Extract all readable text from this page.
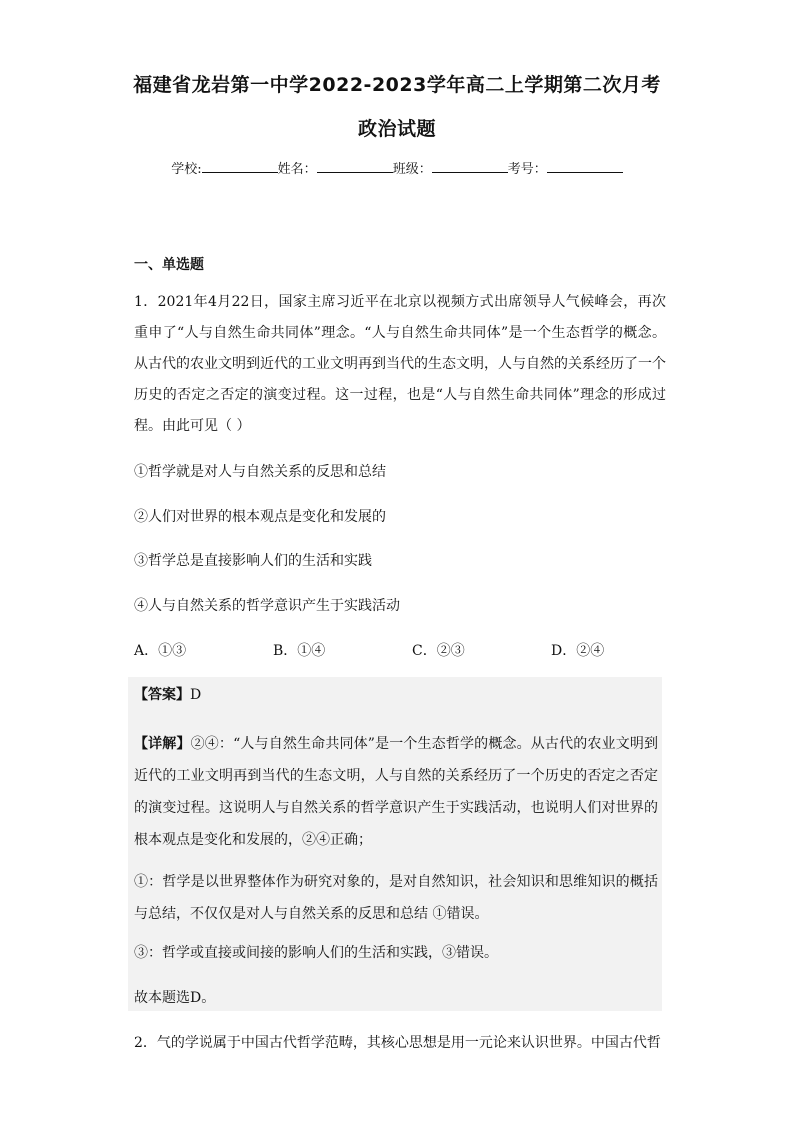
福建省龙岩第一中学2022-2023学年高二上学期第二次月考
政治试题
学校:	姓名：	班级：	考号：
一、单选题
1．2021年4月22日，国家主席习近平在北京以视频方式出席领导人气候峰会，再次重申了“人与自然生命共同体”理念。“人与自然生命共同体”是一个生态哲学的概念。从古代的农业文明到近代的工业文明再到当代的生态文明，人与自然的关系经历了一个历史的否定之否定的演变过程。这一过程，也是“人与自然生命共同体”理念的形成过程。由此可见（ ）
①哲学就是对人与自然关系的反思和总结
②人们对世界的根本观点是变化和发展的
③哲学总是直接影响人们的生活和实践
④人与自然关系的哲学意识产生于实践活动
A．①③	B．①④	C．②③	D．②④
【答案】D
【详解】②④：“人与自然生命共同体”是一个生态哲学的概念。从古代的农业文明到近代的工业文明再到当代的生态文明，人与自然的关系经历了一个历史的否定之否定的演变过程。这说明人与自然关系的哲学意识产生于实践活动，也说明人们对世界的根本观点是变化和发展的，②④正确；
①：哲学是以世界整体作为研究对象的，是对自然知识，社会知识和思维知识的概括与总结，不仅仅是对人与自然关系的反思和总结 ①错误。
③：哲学或直接或间接的影响人们的生活和实践，③错误。
故本题选D。
2．气的学说属于中国古代哲学范畴，其核心思想是用一元论来认识世界。中国古代哲
